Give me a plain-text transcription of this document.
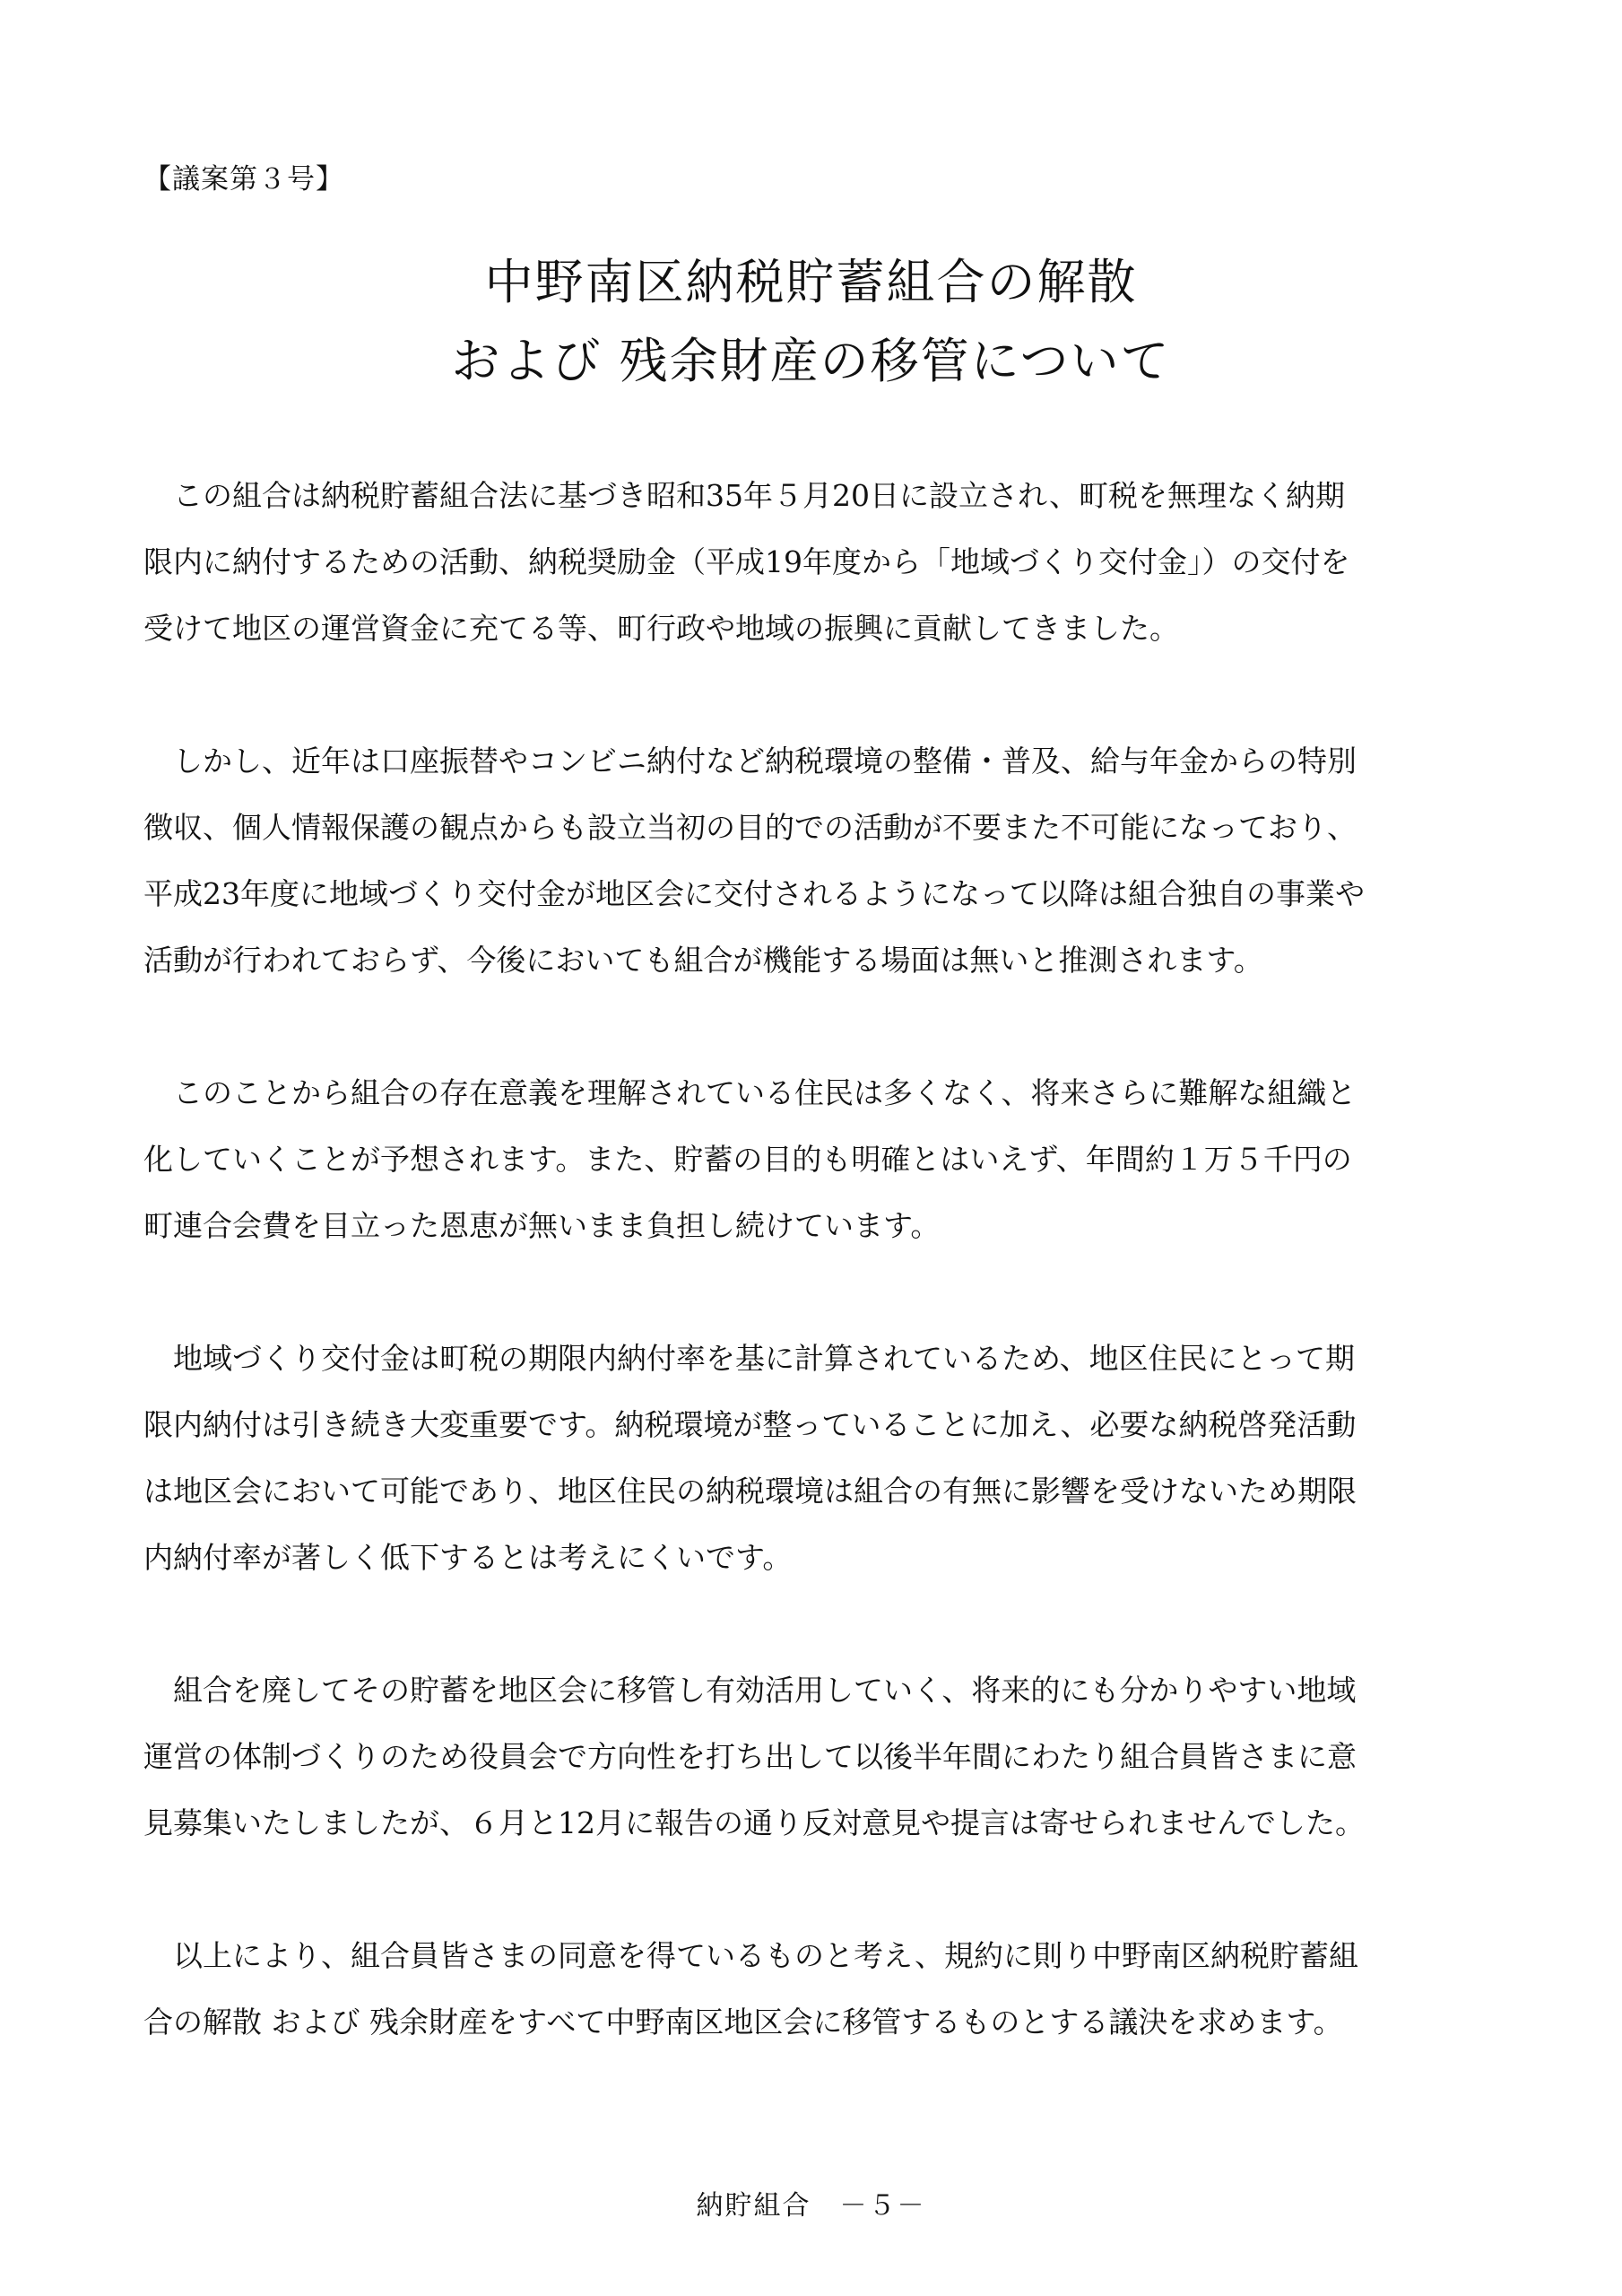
【議案第３号】
中野南区納税貯蓄組合の解散
および 残余財産の移管について

この組合は納税貯蓄組合法に基づき昭和35年５月20日に設立され、町税を無理なく納期
限内に納付するための活動、納税奨励金（平成19年度から「地域づくり交付金」）の交付を
受けて地区の運営資金に充てる等、町行政や地域の振興に貢献してきました。

しかし、近年は口座振替やコンビニ納付など納税環境の整備・普及、給与年金からの特別
徴収、個人情報保護の観点からも設立当初の目的での活動が不要また不可能になっており、
平成23年度に地域づくり交付金が地区会に交付されるようになって以降は組合独自の事業や
活動が行われておらず、今後においても組合が機能する場面は無いと推測されます。

このことから組合の存在意義を理解されている住民は多くなく、将来さらに難解な組織と
化していくことが予想されます。また、貯蓄の目的も明確とはいえず、年間約１万５千円の
町連合会費を目立った恩恵が無いまま負担し続けています。

地域づくり交付金は町税の期限内納付率を基に計算されているため、地区住民にとって期
限内納付は引き続き大変重要です。納税環境が整っていることに加え、必要な納税啓発活動
は地区会において可能であり、地区住民の納税環境は組合の有無に影響を受けないため期限
内納付率が著しく低下するとは考えにくいです。

組合を廃してその貯蓄を地区会に移管し有効活用していく、将来的にも分かりやすい地域
運営の体制づくりのため役員会で方向性を打ち出して以後半年間にわたり組合員皆さまに意
見募集いたしましたが、６月と12月に報告の通り反対意見や提言は寄せられませんでした。

以上により、組合員皆さまの同意を得ているものと考え、規約に則り中野南区納税貯蓄組
合の解散 および 残余財産をすべて中野南区地区会に移管するものとする議決を求めます。

納貯組合　－５－
